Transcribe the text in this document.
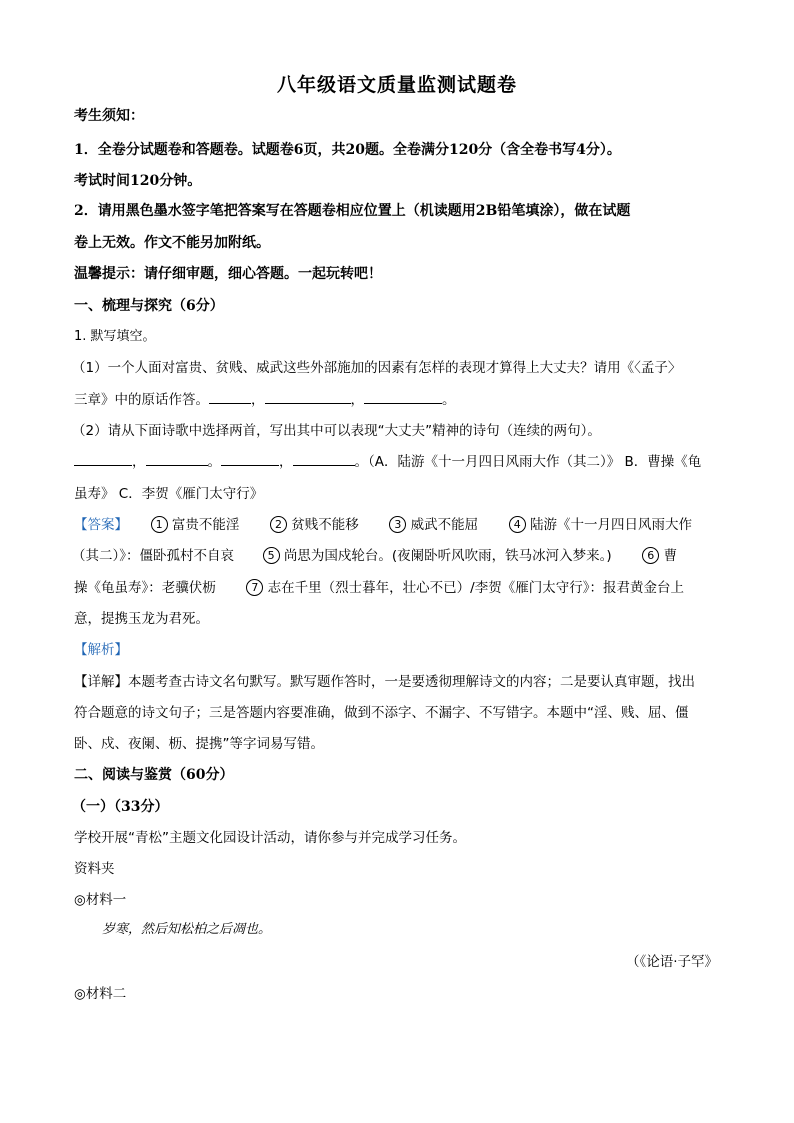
八年级语文质量监测试题卷
考生须知：
1．全卷分试题卷和答题卷。试题卷6页，共20题。全卷满分120分（含全卷书写4分）。
考试时间120分钟。
2．请用黑色墨水签字笔把答案写在答题卷相应位置上（机读题用2B铅笔填涂），做在试题
卷上无效。作文不能另加附纸。
温馨提示：请仔细审题，细心答题。一起玩转吧！
一、梳理与探究（6分）
1. 默写填空。
（1）一个人面对富贵、贫贱、威武这些外部施加的因素有怎样的表现才算得上大丈夫？请用《〈孟子〉
三章》中的原话作答。	，	，	。
（2）请从下面诗歌中选择两首，写出其中可以表现“大丈夫”精神的诗句（连续的两句）。
，	。	，	。（A．陆游《十一月四日风雨大作（其二）》 B．曹操《龟
虽寿》 C．李贺《雁门太守行》
【答案】	1 富贵不能淫	2 贫贱不能移	3 威武不能屈	4 陆游《十一月四日风雨大作
（其二）》：僵卧孤村不自哀	5 尚思为国戍轮台。(夜阑卧听风吹雨，铁马冰河入梦来。)	6 曹
操《龟虽寿》：老骥伏枥	7 志在千里（烈士暮年，壮心不已）/李贺《雁门太守行》：报君黄金台上
意，提携玉龙为君死。
【解析】
【详解】本题考查古诗文名句默写。默写题作答时，一是要透彻理解诗文的内容；二是要认真审题，找出
符合题意的诗文句子；三是答题内容要准确，做到不添字、不漏字、不写错字。本题中“淫、贱、屈、僵
卧、戍、夜阑、枥、提携”等字词易写错。
二、阅读与鉴赏（60分）
（一）（33分）
学校开展“青松”主题文化园设计活动，请你参与并完成学习任务。
资料夹
◎材料一
岁寒，然后知松柏之后凋也。
（《论语·子罕》
◎材料二
